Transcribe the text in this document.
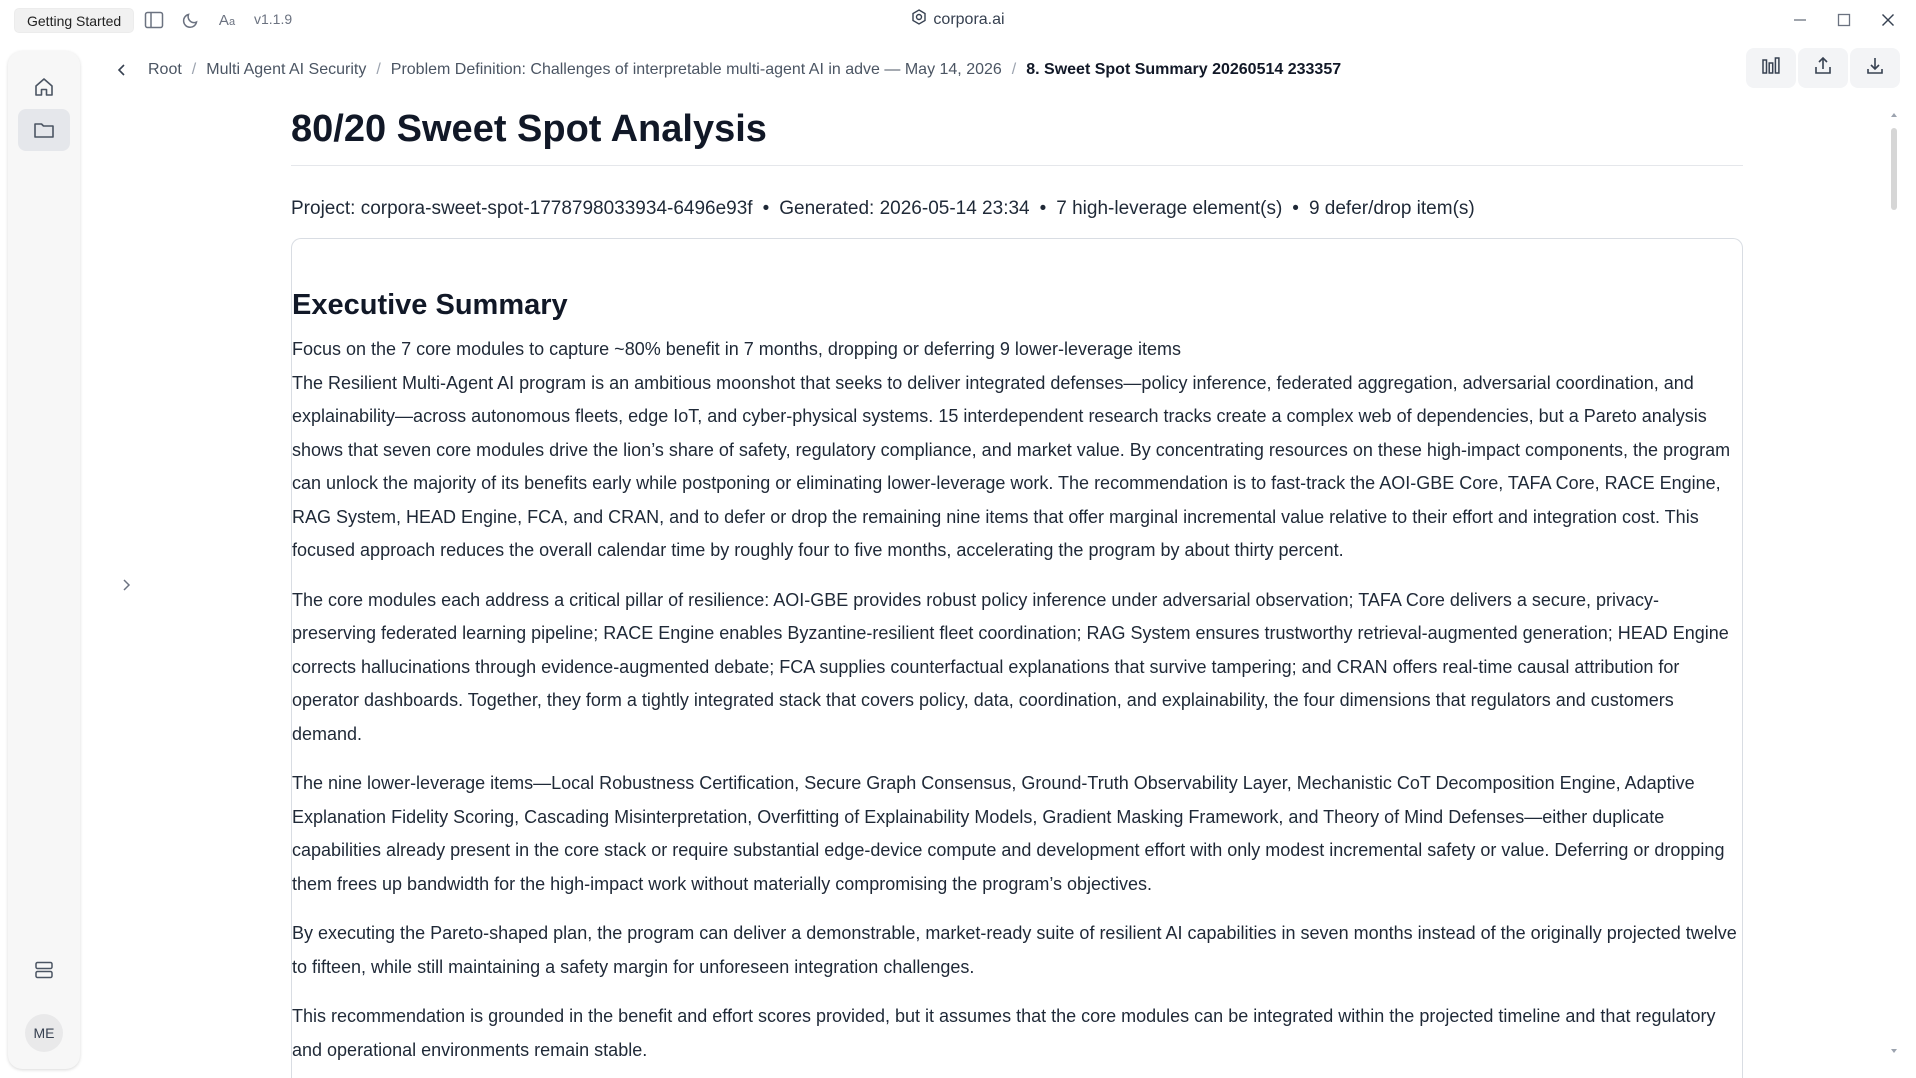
Getting Started	A a v1.1.9	corpora.ai
ME
Root / Multi Agent AI Security / Problem Definition: Challenges of interpretable multi-agent AI in adve — May 14, 2026 / 8. Sweet Spot Summary 20260514 233357
80/20 Sweet Spot Analysis
Project: corpora-sweet-spot-1778798033934-6496e93f • Generated: 2026-05-14 23:34 • 7 high-leverage element(s) • 9 defer/drop item(s)
Executive Summary

Focus on the 7 core modules to capture ~80% benefit in 7 months, dropping or deferring 9 lower-leverage items

The Resilient Multi-Agent AI program is an ambitious moonshot that seeks to deliver integrated defenses—policy inference, federated aggregation, adversarial coordination, and explainability—across autonomous fleets, edge IoT, and cyber-physical systems. 15 interdependent research tracks create a complex web of dependencies, but a Pareto analysis shows that seven core modules drive the lion’s share of safety, regulatory compliance, and market value. By concentrating resources on these high-impact components, the program can unlock the majority of its benefits early while postponing or eliminating lower-leverage work. The recommendation is to fast-track the AOI-GBE Core, TAFA Core, RACE Engine, RAG System, HEAD Engine, FCA, and CRAN, and to defer or drop the remaining nine items that offer marginal incremental value relative to their effort and integration cost. This focused approach reduces the overall calendar time by roughly four to five months, accelerating the program by about thirty percent.

The core modules each address a critical pillar of resilience: AOI-GBE provides robust policy inference under adversarial observation; TAFA Core delivers a secure, privacy-preserving federated learning pipeline; RACE Engine enables Byzantine-resilient fleet coordination; RAG System ensures trustworthy retrieval-augmented generation; HEAD Engine corrects hallucinations through evidence-augmented debate; FCA supplies counterfactual explanations that survive tampering; and CRAN offers real-time causal attribution for operator dashboards. Together, they form a tightly integrated stack that covers policy, data, coordination, and explainability, the four dimensions that regulators and customers demand.

The nine lower-leverage items—Local Robustness Certification, Secure Graph Consensus, Ground-Truth Observability Layer, Mechanistic CoT Decomposition Engine, Adaptive Explanation Fidelity Scoring, Cascading Misinterpretation, Overfitting of Explainability Models, Gradient Masking Framework, and Theory of Mind Defenses—either duplicate capabilities already present in the core stack or require substantial edge-device compute and development effort with only modest incremental safety or value. Deferring or dropping them frees up bandwidth for the high-impact work without materially compromising the program’s objectives.

By executing the Pareto-shaped plan, the program can deliver a demonstrable, market-ready suite of resilient AI capabilities in seven months instead of the originally projected twelve to fifteen, while still maintaining a safety margin for unforeseen integration challenges.

This recommendation is grounded in the benefit and effort scores provided, but it assumes that the core modules can be integrated within the projected timeline and that regulatory and operational environments remain stable.
